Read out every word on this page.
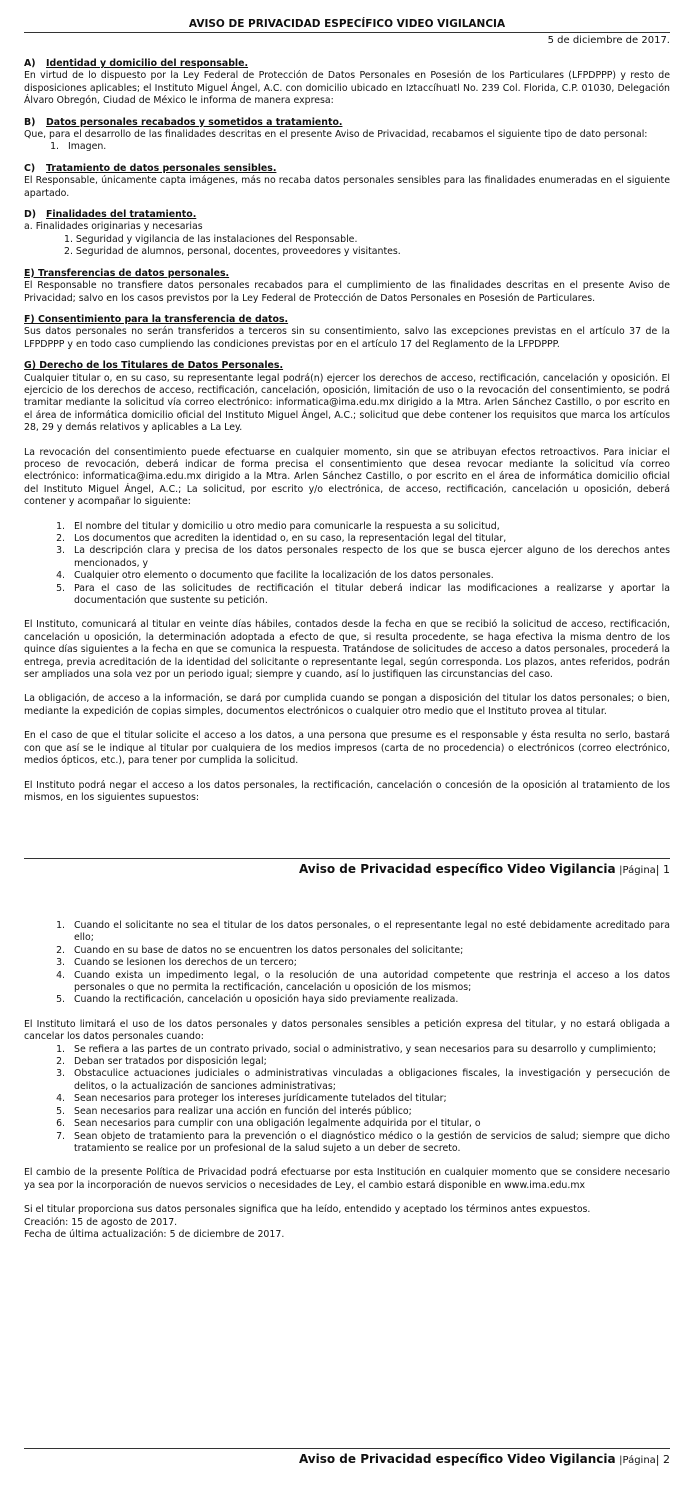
AVISO DE PRIVACIDAD ESPECÍFICO VIDEO VIGILANCIA
5 de diciembre de 2017.
A) Identidad y domicilio del responsable.

En virtud de lo dispuesto por la Ley Federal de Protección de Datos Personales en Posesión de los Particulares (LFPDPPP) y resto de disposiciones aplicables; el Instituto Miguel Ángel, A.C. con domicilio ubicado en Iztaccíhuatl No. 239 Col. Florida, C.P. 01030, Delegación Álvaro Obregón, Ciudad de México le informa de manera expresa:

B) Datos personales recabados y sometidos a tratamiento.

Que, para el desarrollo de las finalidades descritas en el presente Aviso de Privacidad, recabamos el siguiente tipo de dato personal:

1. Imagen.
C) Tratamiento de datos personales sensibles.

El Responsable, únicamente capta imágenes, más no recaba datos personales sensibles para las finalidades enumeradas en el siguiente apartado.

D) Finalidades del tratamiento.

a. Finalidades originarias y necesarias

1. Seguridad y vigilancia de las instalaciones del Responsable.

2. Seguridad de alumnos, personal, docentes, proveedores y visitantes.

E) Transferencias de datos personales.

El Responsable no transfiere datos personales recabados para el cumplimiento de las finalidades descritas en el presente Aviso de Privacidad; salvo en los casos previstos por la Ley Federal de Protección de Datos Personales en Posesión de Particulares.

F) Consentimiento para la transferencia de datos.

Sus datos personales no serán transferidos a terceros sin su consentimiento, salvo las excepciones previstas en el artículo 37 de la LFPDPPP y en todo caso cumpliendo las condiciones previstas por en el artículo 17 del Reglamento de la LFPDPPP.

G) Derecho de los Titulares de Datos Personales.

Cualquier titular o, en su caso, su representante legal podrá(n) ejercer los derechos de acceso, rectificación, cancelación y oposición. El ejercicio de los derechos de acceso, rectificación, cancelación, oposición, limitación de uso o la revocación del consentimiento, se podrá tramitar mediante la solicitud vía correo electrónico: informatica@ima.edu.mx dirigido a la Mtra. Arlen Sánchez Castillo, o por escrito en el área de informática domicilio oficial del Instituto Miguel Ángel, A.C.; solicitud que debe contener los requisitos que marca los artículos 28, 29 y demás relativos y aplicables a La Ley.

La revocación del consentimiento puede efectuarse en cualquier momento, sin que se atribuyan efectos retroactivos. Para iniciar el proceso de revocación, deberá indicar de forma precisa el consentimiento que desea revocar mediante la solicitud vía correo electrónico: informatica@ima.edu.mx dirigido a la Mtra. Arlen Sánchez Castillo, o por escrito en el área de informática domicilio oficial del Instituto Miguel Ángel, A.C.; La solicitud, por escrito y/o electrónica, de acceso, rectificación, cancelación u oposición, deberá contener y acompañar lo siguiente:

1. El nombre del titular y domicilio u otro medio para comunicarle la respuesta a su solicitud,
2. Los documentos que acrediten la identidad o, en su caso, la representación legal del titular,
3. La descripción clara y precisa de los datos personales respecto de los que se busca ejercer alguno de los derechos antes mencionados, y
4. Cualquier otro elemento o documento que facilite la localización de los datos personales.
5. Para el caso de las solicitudes de rectificación el titular deberá indicar las modificaciones a realizarse y aportar la documentación que sustente su petición.

El Instituto, comunicará al titular en veinte días hábiles, contados desde la fecha en que se recibió la solicitud de acceso, rectificación, cancelación u oposición, la determinación adoptada a efecto de que, si resulta procedente, se haga efectiva la misma dentro de los quince días siguientes a la fecha en que se comunica la respuesta. Tratándose de solicitudes de acceso a datos personales, procederá la entrega, previa acreditación de la identidad del solicitante o representante legal, según corresponda. Los plazos, antes referidos, podrán ser ampliados una sola vez por un periodo igual; siempre y cuando, así lo justifiquen las circunstancias del caso.

La obligación, de acceso a la información, se dará por cumplida cuando se pongan a disposición del titular los datos personales; o bien, mediante la expedición de copias simples, documentos electrónicos o cualquier otro medio que el Instituto provea al titular.

En el caso de que el titular solicite el acceso a los datos, a una persona que presume es el responsable y ésta resulta no serlo, bastará con que así se le indique al titular por cualquiera de los medios impresos (carta de no procedencia) o electrónicos (correo electrónico, medios ópticos, etc.), para tener por cumplida la solicitud.

El Instituto podrá negar el acceso a los datos personales, la rectificación, cancelación o concesión de la oposición al tratamiento de los mismos, en los siguientes supuestos:

Aviso de Privacidad específico Video Vigilancia |Página| 1
1. Cuando el solicitante no sea el titular de los datos personales, o el representante legal no esté debidamente acreditado para ello;
2. Cuando en su base de datos no se encuentren los datos personales del solicitante;
3. Cuando se lesionen los derechos de un tercero;
4. Cuando exista un impedimento legal, o la resolución de una autoridad competente que restrinja el acceso a los datos personales o que no permita la rectificación, cancelación u oposición de los mismos;
5. Cuando la rectificación, cancelación u oposición haya sido previamente realizada.

El Instituto limitará el uso de los datos personales y datos personales sensibles a petición expresa del titular, y no estará obligada a cancelar los datos personales cuando:

1. Se refiera a las partes de un contrato privado, social o administrativo, y sean necesarios para su desarrollo y cumplimiento;
2. Deban ser tratados por disposición legal;
3. Obstaculice actuaciones judiciales o administrativas vinculadas a obligaciones fiscales, la investigación y persecución de delitos, o la actualización de sanciones administrativas;
4. Sean necesarios para proteger los intereses jurídicamente tutelados del titular;
5. Sean necesarios para realizar una acción en función del interés público;
6. Sean necesarios para cumplir con una obligación legalmente adquirida por el titular, o
7. Sean objeto de tratamiento para la prevención o el diagnóstico médico o la gestión de servicios de salud; siempre que dicho tratamiento se realice por un profesional de la salud sujeto a un deber de secreto.

El cambio de la presente Política de Privacidad podrá efectuarse por esta Institución en cualquier momento que se considere necesario ya sea por la incorporación de nuevos servicios o necesidades de Ley, el cambio estará disponible en www.ima.edu.mx

Si el titular proporciona sus datos personales significa que ha leído, entendido y aceptado los términos antes expuestos.

Creación: 15 de agosto de 2017.

Fecha de última actualización: 5 de diciembre de 2017.

Aviso de Privacidad específico Video Vigilancia |Página| 2
